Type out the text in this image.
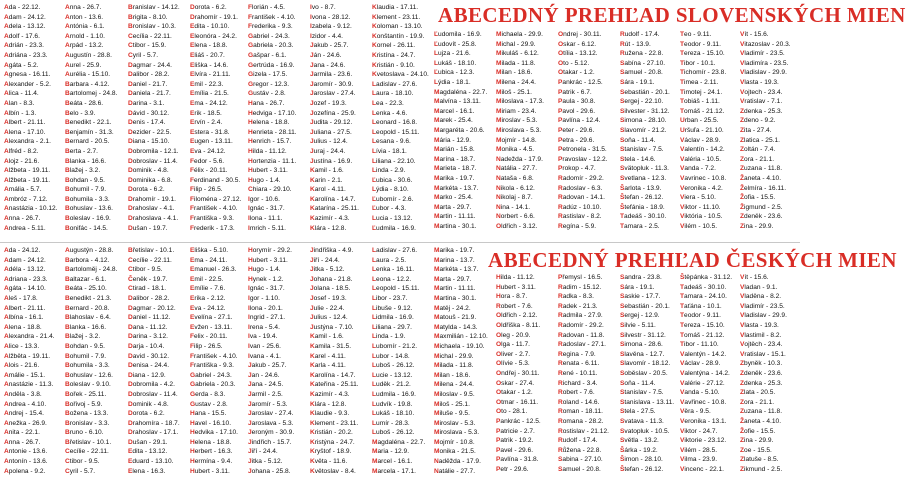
ABECEDNÝ PREHĽAD SLOVENSKÝCH MIEN
Ada - 22.12.
Adam - 24.12.
Adela - 13.12.
Adolf - 17.6.
Adrián - 23.3.
Adriána - 23.3.
Agáta - 5.2.
Agnesa - 16.11.
Alexander - 5.2.
Alica - 11.4.
Alan - 8.3.
Albín - 1.3.
Albert - 21.11.
Alena - 17.10.
Alexandra - 2.1.
Alfréd - 8.2.
Alojz - 21.6.
Alžbeta - 19.11.
Alžbeta - 19.11.
Amália - 5.7.
Ambróz - 7.12.
Anastázia - 10.12.
Anna - 26.7.
Andrea - 5.11.
Anna - 26.7.
Anton - 13.6.
Antónia - 6.1.
Arnold - 1.10.
Arpád - 13.2.
Augustín - 28.8.
Aurel - 25.9.
Aurélia - 15.10.
Barbara - 4.12.
Bartolomej - 24.8.
Beáta - 28.6.
Belo - 3.9.
Benedikt - 22.1.
Benjamín - 31.3.
Bernard - 20.5.
Berta - 2.7.
Blanka - 16.6.
Blažej - 3.2.
Bohdan - 9.5.
Bohumil - 7.9.
Bohumila - 3.3.
Bohuslav - 13.6.
Boleslav - 16.9.
Bonifác - 14.5.
Branislav - 14.12.
Brigita - 8.10.
Bronislav - 10.3.
Cecília - 22.11.
Ctibor - 15.9.
Cyril - 5.7.
Dagmar - 24.4.
Dalibor - 28.2.
Daniel - 21.7.
Daniela - 21.7.
Darina - 3.1.
Dávid - 30.12.
Denis - 17.4.
Dezider - 22.5.
Diana - 15.10.
Dobromila - 12.1.
Dobroslav - 11.4.
Dominik - 4.8.
Dominika - 6.8.
Dorota - 6.2.
Drahomír - 19.1.
Drahoslav - 4.1.
Drahoslava - 4.1.
Dušan - 19.7.
Dorota - 6.2.
Drahomír - 19.1.
Edita - 10.10.
Eleonóra - 24.2.
Elena - 18.8.
Eliáš - 20.7.
Eliška - 14.6.
Elvíra - 21.11.
Emil - 22.3.
Emília - 21.5.
Ema - 24.12.
Erik - 18.5.
Ervín - 2.4.
Estera - 31.8.
Eugen - 13.11.
Eva - 24.12.
Fedor - 5.6.
Félix - 20.11.
Ferdinand - 30.5.
Filip - 26.5.
Filoména - 27.12.
František - 4.10.
Františka - 9.3.
Frederik - 17.3.
Florián - 4.5.
František - 4.10.
Frederika - 9.3.
Gabriel - 24.3.
Gabriela - 20.3.
Gašpar - 6.1.
Gertrúda - 16.9.
Gizela - 17.5.
Gregor - 12.3.
Gustáv - 2.8.
Hana - 26.7.
Hedviga - 17.10.
Helena - 18.8.
Henrieta - 28.11.
Henrich - 15.7.
Hilda - 11.12.
Hortenzia - 11.1.
Hubert - 3.11.
Hugo - 1.4.
Chiara - 29.10.
Igor - 10.6.
Ignác - 31.7.
Ilona - 11.1.
Imrich - 5.11.
Ivo - 8.7.
Ivona - 28.12.
Izabela - 9.12.
Izidor - 4.4.
Jakub - 25.7.
Ján - 24.6.
Jana - 24.6.
Jarmila - 23.6.
Jaromír - 30.9.
Jaroslav - 27.4.
Jozef - 19.3.
Jozefína - 25.9.
Judita - 29.12.
Juliana - 27.5.
Julius - 12.4.
Juraj - 24.4.
Justína - 16.9.
Kamil - 1.6.
Karin - 2.1.
Karol - 4.11.
Karolína - 14.7.
Katarína - 25.11.
Kazimír - 4.3.
Klára - 12.8.
Klaudia - 17.11.
Klement - 23.11.
Koloman - 13.10.
Konštantín - 19.9.
Kornel - 26.11.
Kristína - 24.7.
Kristián - 9.10.
Kvetoslava - 24.10.
Ladislav - 27.6.
Laura - 18.10.
Lea - 22.3.
Lenka - 4.6.
Leonard - 16.8.
Leopold - 15.11.
Lesana - 9.6.
Lívia - 18.1.
Liliana - 22.10.
Linda - 2.9.
Ľubica - 30.6.
Lýdia - 8.10.
Ľubomír - 2.6.
Ľubor - 4.3.
Lucia - 13.12.
Ľudmila - 16.9.
Ľudomila - 16.9.
Ľudovít - 25.8.
Lujza - 21.6.
Lukáš - 18.10.
Ľubica - 12.3.
Lýdia - 18.1.
Magdaléna - 22.7.
Malvína - 13.11.
Marcel - 16.1.
Marek - 25.4.
Margaréta - 20.6.
Mária - 12.9.
Marián - 15.8.
Marína - 18.7.
Marieta - 18.7.
Marika - 19.7.
Markéta - 13.7.
Marko - 25.4.
Marta - 29.7.
Martin - 11.11.
Martina - 30.1.
Michaela - 29.9.
Michal - 29.9.
Mikuláš - 6.12.
Milada - 11.8.
Milan - 18.6.
Milena - 24.4.
Miloš - 25.1.
Miloslava - 17.3.
Miriam - 23.4.
Miroslav - 5.3.
Miroslava - 5.3.
Mojmír - 14.8.
Monika - 4.5.
Nadežda - 17.9.
Natália - 27.7.
Nataša - 6.8.
Nikola - 6.12.
Nikolaj - 8.7.
Nina - 14.1.
Norbert - 6.6.
Oldřich - 3.12.
Ondrej - 30.11.
Oskar - 6.12.
Otília - 13.12.
Oto - 5.12.
Otakar - 1.2.
Pankrác - 12.5.
Patrik - 6.7.
Paula - 30.8.
Pavol - 29.6.
Pavlína - 12.4.
Peter - 29.6.
Petra - 29.6.
Petronela - 31.5.
Pravoslav - 12.2.
Prokop - 4.7.
Radomír - 29.2.
Radoslav - 6.3.
Radovan - 14.1.
Radúz - 10.10.
Rastislav - 8.2.
Regína - 5.9.
Rudolf - 17.4.
Rút - 13.9.
Ružena - 22.8.
Sabína - 27.10.
Samuel - 20.8.
Sára - 19.1.
Sebastián - 20.1.
Sergej - 22.10.
Silvester - 31.12.
Simona - 28.10.
Slavomír - 21.2.
Soňa - 11.4.
Stanislav - 7.5.
Stela - 14.6.
Svätopluk - 11.3.
Svetlana - 12.3.
Šarlota - 13.9.
Štefan - 26.12.
Štefánia - 18.9.
Tadeáš - 30.10.
Tamara - 2.5.
Teo - 9.11.
Teodor - 9.11.
Tereza - 15.10.
Tibor - 10.1.
Tichomír - 23.8.
Timea - 2.11.
Timotej - 24.1.
Tobiáš - 1.11.
Tomáš - 21.12.
Urban - 25.5.
Uršuľa - 21.10.
Václav - 28.9.
Valentín - 14.2.
Valéria - 10.5.
Vanda - 7.2.
Vavrinec - 10.8.
Veronika - 4.2.
Viera - 5.10.
Viktor - 11.10.
Viktória - 10.5.
Vilém - 10.5.
Vít - 15.6.
Vitazoslav - 20.3.
Vladimír - 23.5.
Vladimíra - 23.5.
Vladislav - 29.9.
Vlasta - 19.3.
Vojtech - 23.4.
Vratislav - 7.1.
Zdenka - 25.3.
Zdeno - 9.2.
Zita - 27.4.
Zlatica - 25.1.
Zoltán - 7.4.
Zora - 21.1.
Zuzana - 11.8.
Žaneta - 4.10.
Želmíra - 16.11.
Žofia - 15.5.
Žigmund - 2.5.
Zdeněk - 23.6.
Zina - 29.9.
ABECEDNÝ PREHĽAD ČESKÝCH MIEN
Ada - 24.12.
Adam - 24.12.
Adéla - 13.12.
Adriana - 23.3.
Agáta - 14.10.
Aleš - 17.8.
Albert - 21.11.
Albína - 16.1.
Alena - 18.8.
Alexandra - 21.4.
Alice - 13.3.
Alžběta - 19.11.
Alois - 21.6.
Amálie - 15.1.
Anastázie - 11.3.
Anděla - 3.8.
Andrea - 4.10.
Andrej - 15.4.
Anežka - 26.9.
Anita - 22.1.
Anna - 26.7.
Antonie - 13.6.
Antonín - 13.6.
Apolena - 9.2.
Augustýn - 28.8.
Barbora - 4.12.
Bartoloměj - 24.8.
Baltazar - 6.1.
Beáta - 25.10.
Benedikt - 21.3.
Bernard - 20.8.
Blahoslav - 6.4.
Blanka - 16.6.
Blažej - 3.2.
Bohdan - 9.5.
Bohumil - 7.9.
Bohumila - 3.3.
Bohuslav - 12.6.
Boleslav - 9.10.
Bořek - 25.11.
Bořivoj - 5.9.
Božena - 13.3.
Bronislav - 3.3.
Bruno - 6.10.
Břetislav - 10.1.
Cecílie - 22.11.
Ctibor - 9.5.
Cyril - 5.7.
Břetislav - 10.1.
Cecílie - 22.11.
Ctibor - 9.5.
Čeněk - 19.7.
Ctirad - 18.1.
Dalibor - 28.2.
Dagmar - 20.12.
Daniel - 11.12.
Dana - 11.12.
Darina - 3.12.
Darja - 10.4.
David - 30.12.
Denisa - 24.4.
Diana - 12.9.
Dobromila - 4.2.
Dobroslav - 11.4.
Dominik - 4.8.
Dorota - 6.2.
Drahomíra - 18.7.
Drahoslav - 17.1.
Dušan - 29.1.
Edita - 13.12.
Eduard - 13.10.
Elena - 16.3.
Eliška - 5.10.
Ema - 24.11.
Emanuel - 26.3.
Emil - 22.5.
Emílie - 7.6.
Erika - 2.12.
Eva - 24.12.
Evelína - 27.1.
Evžen - 13.11.
Felix - 20.11.
Filip - 26.5.
František - 4.10.
Františka - 9.3.
Gabriel - 24.3.
Gabriela - 20.3.
Gerda - 8.3.
Gustav - 2.8.
Hana - 15.5.
Havel - 16.10.
Hedvika - 17.10.
Helena - 18.8.
Herbert - 16.3.
Hermína - 9.4.
Hubert - 3.11.
Horymír - 29.2.
Hubert - 3.11.
Hugo - 1.4.
Hynek - 1.2.
Ignác - 31.7.
Igor - 1.10.
Ilona - 20.1.
Ingrid - 27.1.
Irena - 5.4.
Iva - 19.4.
Ivan - 25.6.
Ivana - 4.1.
Jakub - 25.7.
Jan - 24.6.
Jana - 24.5.
Jarmil - 2.5.
Jaromír - 5.3.
Jaroslav - 27.4.
Jaroslava - 5.3.
Jeroným - 30.9.
Jindřich - 15.7.
Jiří - 24.4.
Jitka - 5.12.
Johana - 25.8.
Jindřiška - 4.9.
Jiří - 24.4.
Jitka - 5.12.
Johana - 21.8.
Jolana - 18.5.
Josef - 19.3.
Julie - 22.4.
Julius - 12.4.
Justýna - 7.10.
Kamil - 1.6.
Kamila - 31.5.
Karel - 4.11.
Karla - 4.11.
Karolína - 14.7.
Kateřina - 25.11.
Kazimír - 4.3.
Klára - 12.8.
Klaudie - 9.3.
Klement - 23.11.
Kristián - 20.2.
Kristýna - 24.7.
Kryštof - 18.9.
Květa - 11.6.
Květoslav - 8.4.
Ladislav - 27.6.
Laura - 2.5.
Lenka - 16.11.
Leona - 12.2.
Leopold - 15.11.
Libor - 23.7.
Libuše - 9.12.
Lidmila - 16.9.
Liliana - 29.7.
Linda - 1.9.
Lubomír - 21.2.
Lubor - 14.8.
Luboš - 26.12.
Lucie - 13.12.
Luděk - 21.2.
Ludmila - 16.9.
Ludvík - 19.8.
Lukáš - 18.10.
Lumír - 28.3.
Luboš - 26.12.
Magdaléna - 22.7.
Maria - 12.9.
Marcel - 16.1.
Marcela - 17.1.
Marika - 19.7.
Marina - 13.7.
Markéta - 13.7.
Marta - 29.7.
Martin - 11.11.
Martina - 30.1.
Matěj - 24.2.
Matouš - 21.9.
Matylda - 14.3.
Maxmilián - 12.10.
Michaela - 19.10.
Michal - 29.9.
Milada - 11.8.
Milan - 18.6.
Milena - 24.4.
Miloslav - 9.5.
Miloš - 25.1.
Miluše - 9.5.
Miroslav - 5.3.
Miroslava - 5.3.
Mojmír - 10.8.
Monika - 21.5.
Naděžda - 17.9.
Natálie - 27.7.
Hilda - 11.12.
Hubert - 3.11.
Hora - 8.7.
Robert - 7.6.
Oldřich - 2.12.
Oldřiška - 8.11.
Oleg - 20.9.
Olga - 11.7.
Oliver - 2.7.
Olívie - 5.3.
Ondřej - 30.11.
Oskar - 27.4.
Otakar - 1.2.
Otmar - 16.11.
Oto - 28.1.
Pankrác - 12.5.
Patricie - 2.7.
Patrik - 19.2.
Pavel - 29.6.
Pavlína - 31.8.
Petr - 29.6.
Přemysl - 16.5.
Radim - 15.12.
Radka - 8.3.
Radek - 21.3.
Radmila - 27.9.
Radomír - 29.2.
Radovan - 11.8.
Radoslav - 27.1.
Regina - 7.9.
Renata - 6.11.
René - 10.11.
Richard - 3.4.
Robert - 7.6.
Roland - 14.6.
Roman - 18.11.
Romana - 28.2.
Rostislav - 21.12.
Rudolf - 17.4.
Růžena - 22.8.
Sabina - 27.10.
Samuel - 20.8.
Sandra - 23.8.
Sára - 19.1.
Saskie - 17.7.
Sebastián - 20.1.
Sergej - 12.9.
Silvie - 5.11.
Silvestr - 31.12.
Simona - 28.6.
Slavěna - 12.7.
Slavomír - 18.12.
Soběslav - 20.5.
Soňa - 11.4.
Stanislav - 7.5.
Stanislava - 13.11.
Stela - 27.5.
Svatava - 11.3.
Svatopluk - 10.5.
Světla - 13.2.
Šárka - 19.2.
Šimon - 28.10.
Štefan - 26.12.
Štěpánka - 31.12.
Tadeáš - 30.10.
Tamara - 24.10.
Taťána - 10.1.
Teodor - 9.11.
Tereza - 15.10.
Tomáš - 21.12.
Tibor - 11.10.
Valentýn - 14.2.
Václav - 28.9.
Valentýna - 14.2.
Valérie - 27.12.
Vanda - 5.10.
Vavřinec - 10.8.
Věra - 9.5.
Veronika - 13.1.
Viktor - 24.7.
Viktorie - 23.12.
Vilém - 28.5.
Vilma - 23.9.
Vincenc - 22.1.
Vít - 15.6.
Vladan - 9.1.
Vladěna - 8.2.
Vladimír - 23.5.
Vladislav - 29.9.
Vlasta - 19.3.
Vlastimil - 8.2.
Vojtěch - 23.4.
Vratislav - 15.1.
Zbyněk - 10.3.
Zdeněk - 23.6.
Zdenka - 25.3.
Zlata - 20.5.
Zora - 21.1.
Zuzana - 11.8.
Žaneta - 4.10.
Žofie - 15.5.
Zina - 29.9.
Zoe - 15.5.
Zlatuše - 8.5.
Zikmund - 2.5.
